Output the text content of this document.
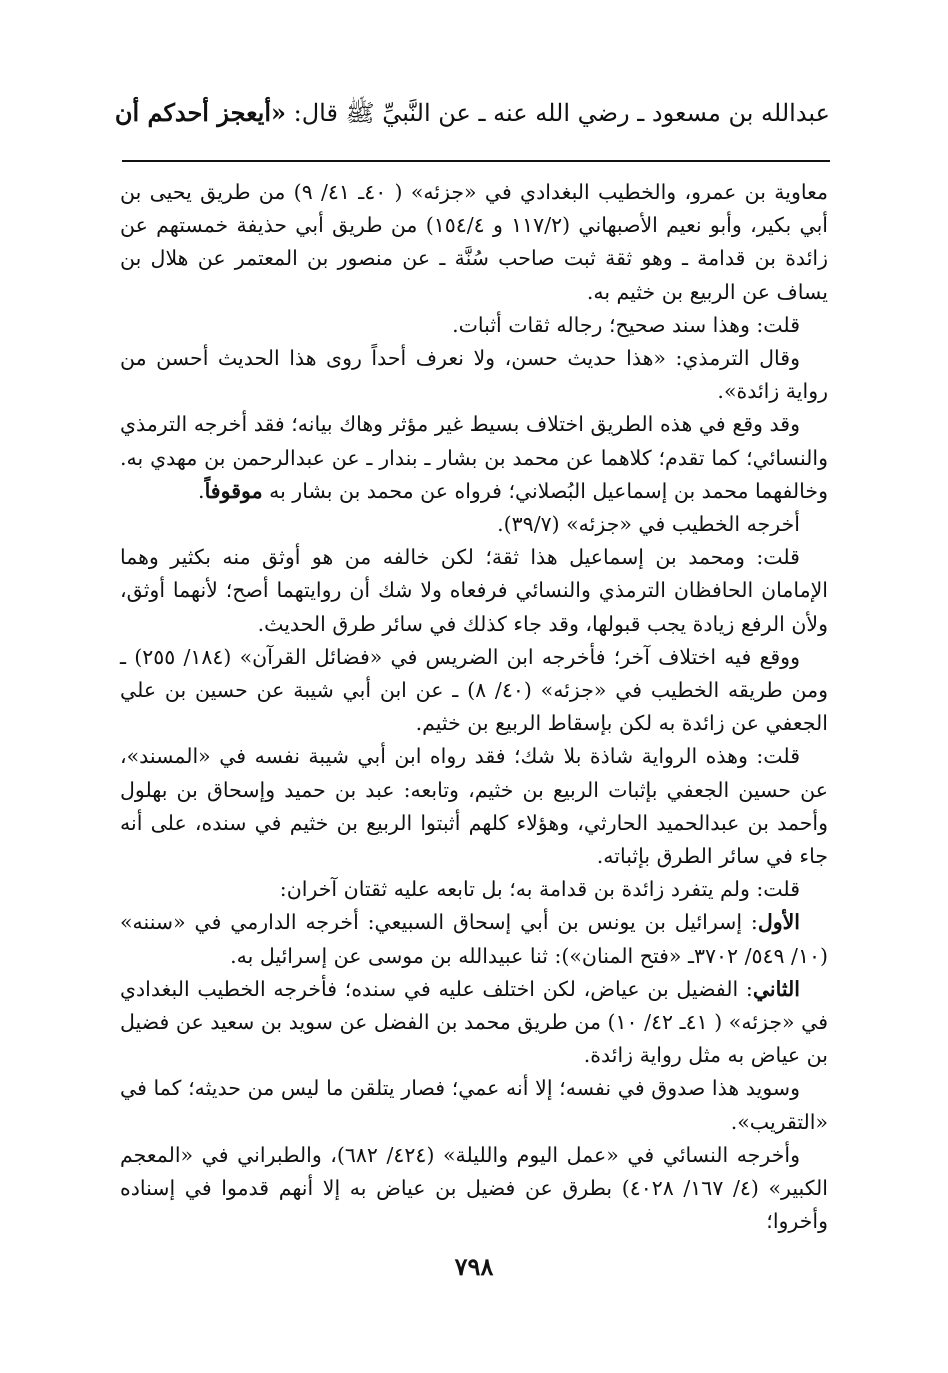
عبدالله بن مسعود ـ رضي الله عنه ـ عن النَّبيِّ ﷺ قال: «أيعجز أحدكم أن

معاوية بن عمرو، والخطيب البغدادي في «جزئه» ( ٤٠ـ ٤١/ ٩) من طريق يحيى بن أبي بكير، وأبو نعيم الأصبهاني (١١٧/٢ و ١٥٤/٤) من طريق أبي حذيفة خمستهم عن زائدة بن قدامة ـ وهو ثقة ثبت صاحب سُنَّة ـ عن منصور بن المعتمر عن هلال بن يساف عن الربيع بن خثيم به.

قلت: وهذا سند صحيح؛ رجاله ثقات أثبات.

وقال الترمذي: «هذا حديث حسن، ولا نعرف أحداً روى هذا الحديث أحسن من رواية زائدة».

وقد وقع في هذه الطريق اختلاف بسيط غير مؤثر وهاك بيانه؛ فقد أخرجه الترمذي والنسائي؛ كما تقدم؛ كلاهما عن محمد بن بشار ـ بندار ـ عن عبدالرحمن بن مهدي به. وخالفهما محمد بن إسماعيل البُصلاني؛ فرواه عن محمد بن بشار به موقوفاً.

أخرجه الخطيب في «جزئه» (٣٩/٧).

قلت: ومحمد بن إسماعيل هذا ثقة؛ لكن خالفه من هو أوثق منه بكثير وهما الإمامان الحافظان الترمذي والنسائي فرفعاه ولا شك أن روايتهما أصح؛ لأنهما أوثق، ولأن الرفع زيادة يجب قبولها، وقد جاء كذلك في سائر طرق الحديث.

ووقع فيه اختلاف آخر؛ فأخرجه ابن الضريس في «فضائل القرآن» (١٨٤/ ٢٥٥) ـ ومن طريقه الخطيب في «جزئه» (٤٠/ ٨) ـ عن ابن أبي شيبة عن حسين بن علي الجعفي عن زائدة به لكن بإسقاط الربيع بن خثيم.

قلت: وهذه الرواية شاذة بلا شك؛ فقد رواه ابن أبي شيبة نفسه في «المسند»، عن حسين الجعفي بإثبات الربيع بن خثيم، وتابعه: عبد بن حميد وإسحاق بن بهلول وأحمد بن عبدالحميد الحارثي، وهؤلاء كلهم أثبتوا الربيع بن خثيم في سنده، على أنه جاء في سائر الطرق بإثباته.

قلت: ولم يتفرد زائدة بن قدامة به؛ بل تابعه عليه ثقتان آخران:

الأول: إسرائيل بن يونس بن أبي إسحاق السبيعي: أخرجه الدارمي في «سننه» (١٠/ ٥٤٩/ ٣٧٠٢ـ «فتح المنان»): ثنا عبيدالله بن موسى عن إسرائيل به.

الثاني: الفضيل بن عياض، لكن اختلف عليه في سنده؛ فأخرجه الخطيب البغدادي في «جزئه» ( ٤١ـ ٤٢/ ١٠) من طريق محمد بن الفضل عن سويد بن سعيد عن فضيل بن عياض به مثل رواية زائدة.

وسويد هذا صدوق في نفسه؛ إلا أنه عمي؛ فصار يتلقن ما ليس من حديثه؛ كما في «التقريب».

وأخرجه النسائي في «عمل اليوم والليلة» (٤٢٤/ ٦٨٢)، والطبراني في «المعجم الكبير» (٤/ ١٦٧/ ٤٠٢٨) بطرق عن فضيل بن عياض به إلا أنهم قدموا في إسناده وأخروا؛

٧٩٨
